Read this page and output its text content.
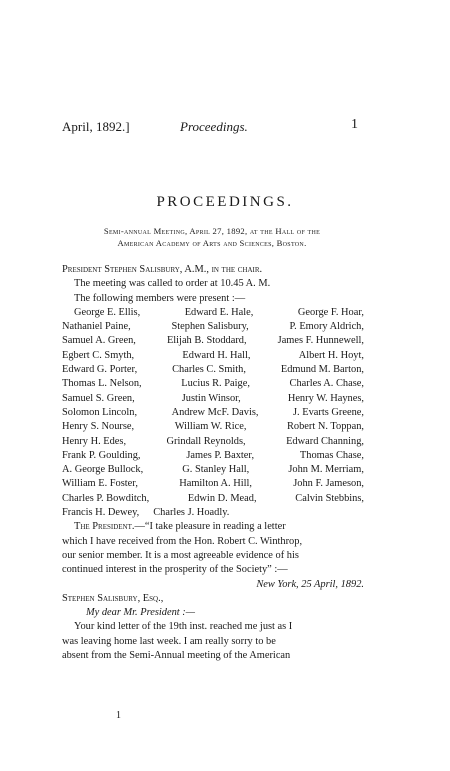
April, 1892.]	Proceedings.	1
PROCEEDINGS.
Semi-annual Meeting, April 27, 1892, at the Hall of the
American Academy of Arts and Sciences, Boston.
President Stephen Salisbury, A.M., in the chair.
The meeting was called to order at 10.45 A. M.
The following members were present :—
George E. Ellis,	Edward E. Hale,	George F. Hoar,
Nathaniel Paine,	Stephen Salisbury,	P. Emory Aldrich,
Samuel A. Green,	Elijah B. Stoddard,	James F. Hunnewell,
Egbert C. Smyth,	Edward H. Hall,	Albert H. Hoyt,
Edward G. Porter,	Charles C. Smith,	Edmund M. Barton,
Thomas L. Nelson,	Lucius R. Paige,	Charles A. Chase,
Samuel S. Green,	Justin Winsor,	Henry W. Haynes,
Solomon Lincoln,	Andrew McF. Davis,	J. Evarts Greene,
Henry S. Nourse,	William W. Rice,	Robert N. Toppan,
Henry H. Edes,	Grindall Reynolds,	Edward Channing,
Frank P. Goulding,	James P. Baxter,	Thomas Chase,
A. George Bullock,	G. Stanley Hall,	John M. Merriam,
William E. Foster,	Hamilton A. Hill,	John F. Jameson,
Charles P. Bowditch,	Edwin D. Mead,	Calvin Stebbins,
Francis H. Dewey, Charles J. Hoadly.
The President.—“I take pleasure in reading a letter
which I have received from the Hon. Robert C. Winthrop,
our senior member. It is a most agreeable evidence of his
continued interest in the prosperity of the Society” :—
New York, 25 April, 1892.
Stephen Salisbury, Esq.,
My dear Mr. President :—
Your kind letter of the 19th inst. reached me just as I
was leaving home last week. I am really sorry to be
absent from the Semi-Annual meeting of the American
1
